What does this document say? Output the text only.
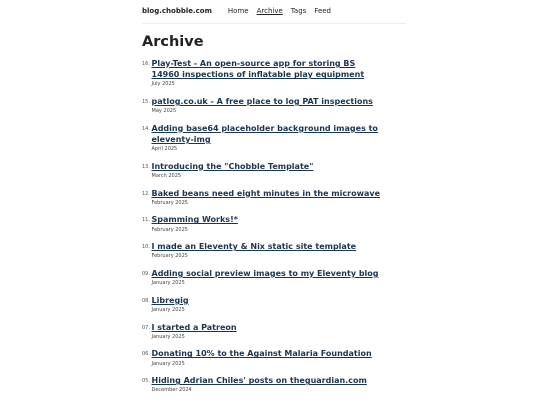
blog.chobble.com Home Archive Tags Feed
Archive
16. Play-Test - An open-source app for storing BS 14960 inspections of inflatable play equipment
July 2025
15. patlog.co.uk - A free place to log PAT inspections
May 2025
14. Adding base64 placeholder background images to eleventy-img
April 2025
13. Introducing the "Chobble Template"
March 2025
12. Baked beans need eight minutes in the microwave
February 2025
11. Spamming Works!*
February 2025
10. I made an Eleventy & Nix static site template
February 2025
09. Adding social preview images to my Eleventy blog
January 2025
08. Libregig
January 2025
07. I started a Patreon
January 2025
06. Donating 10% to the Against Malaria Foundation
January 2025
05. Hiding Adrian Chiles' posts on theguardian.com
December 2024
